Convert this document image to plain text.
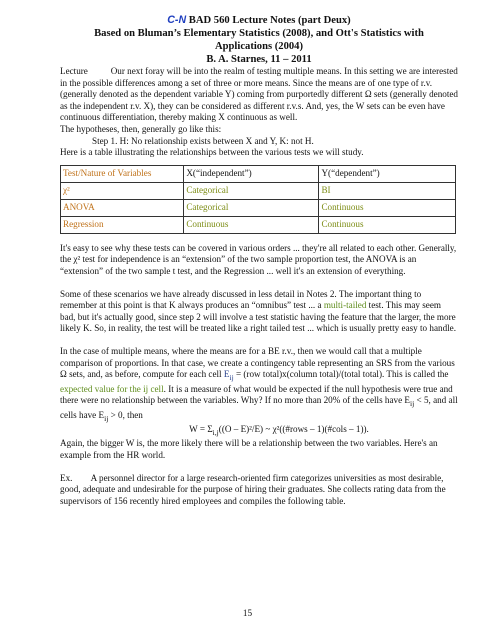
C-N BAD 560 Lecture Notes (part Deux)
Based on Bluman’s Elementary Statistics (2008), and Ott's Statistics with
Applications (2004)
B. A. Starnes, 11 – 2011

Lecture Our next foray will be into the realm of testing multiple means. In this setting we are interested in the possible differences among a set of three or more means. Since the means are of one type of r.v. (generally denoted as the dependent variable Y) coming from purportedly different Ω sets (generally denoted as the independent r.v. X), they can be considered as different r.v.s. And, yes, the W sets can be even have continuous differentiation, thereby making X continuous as well.
The hypotheses, then, generally go like this:

Step 1. H: No relationship exists between X and Y, K: not H.

Here is a table illustrating the relationships between the various tests we will study.

Test/Nature of Variables	X(“independent”)	Y(“dependent”)
χ²	Categorical	BI
ANOVA	Categorical	Continuous
Regression	Continuous	Continuous

It's easy to see why these tests can be covered in various orders ... they're all related to each other. Generally, the χ² test for independence is an “extension” of the two sample proportion test, the ANOVA is an “extension” of the two sample t test, and the Regression ... well it's an extension of everything.

Some of these scenarios we have already discussed in less detail in Notes 2. The important thing to remember at this point is that K always produces an “omnibus” test ... a multi-tailed test. This may seem bad, but it's actually good, since step 2 will involve a test statistic having the feature that the larger, the more likely K. So, in reality, the test will be treated like a right tailed test ... which is usually pretty easy to handle.

In the case of multiple means, where the means are for a BE r.v., then we would call that a multiple comparison of proportions. In that case, we create a contingency table representing an SRS from the various Ω sets, and, as before, compute for each cell $E_{ij} = (row$ total)x(column total)/(total total). This is called the expected value for the ij cell. It is a measure of what would be expected if the null hypothesis were true and there were no relationship between the variables. Why? If no more than 20% of the cells have $E_{ij} < 5$, and all cells have $E_{ij} > 0$, then

$W = \Sigma_{i,j}((O - E)^2/E)$ ~ χ²((#rows – 1)(#cols – 1)).

Again, the bigger W is, the more likely there will be a relationship between the two variables. Here's an example from the HR world.

Ex. A personnel director for a large research-oriented firm categorizes universities as most desirable, good, adequate and undesirable for the purpose of hiring their graduates. She collects rating data from the supervisors of 156 recently hired employees and compiles the following table.

15
